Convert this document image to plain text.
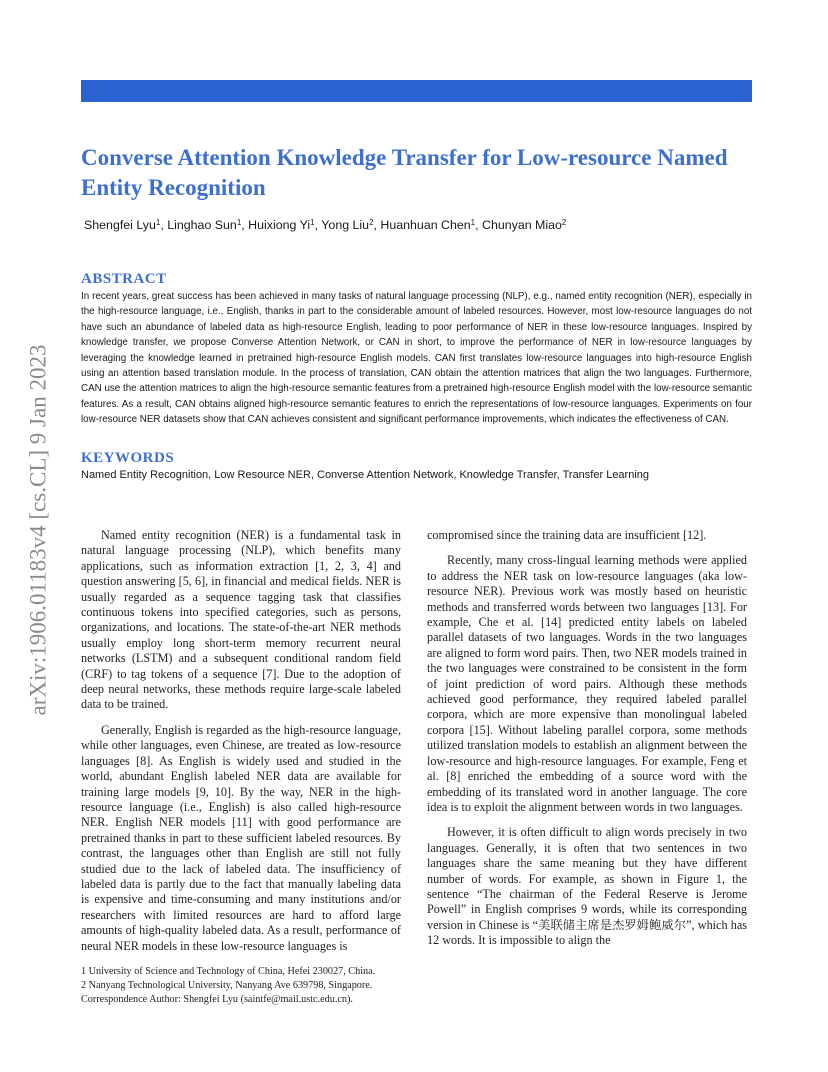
arXiv:1906.01183v4 [cs.CL] 9 Jan 2023
Converse Attention Knowledge Transfer for Low-resource Named Entity Recognition
Shengfei Lyu$^1$, Linghao Sun$^1$, Huixiong Yi$^1$, Yong Liu$^2$, Huanhuan Chen$^1$, Chunyan Miao$^2$
ABSTRACT
In recent years, great success has been achieved in many tasks of natural language processing (NLP), e.g., named entity recognition (NER), especially in the high-resource language, i.e., English, thanks in part to the considerable amount of labeled resources. However, most low-resource languages do not have such an abundance of labeled data as high-resource English, leading to poor performance of NER in these low-resource languages. Inspired by knowledge transfer, we propose Converse Attention Network, or CAN in short, to improve the performance of NER in low-resource languages by leveraging the knowledge learned in pretrained high-resource English models. CAN first translates low-resource languages into high-resource English using an attention based translation module. In the process of translation, CAN obtain the attention matrices that align the two languages. Furthermore, CAN use the attention matrices to align the high-resource semantic features from a pretrained high-resource English model with the low-resource semantic features. As a result, CAN obtains aligned high-resource semantic features to enrich the representations of low-resource languages. Experiments on four low-resource NER datasets show that CAN achieves consistent and significant performance improvements, which indicates the effectiveness of CAN.
KEYWORDS
Named Entity Recognition, Low Resource NER, Converse Attention Network, Knowledge Transfer, Transfer Learning

Named entity recognition (NER) is a fundamental task in natural language processing (NLP), which benefits many applications, such as information extraction [1, 2, 3, 4] and question answering [5, 6], in financial and medical fields. NER is usually regarded as a sequence tagging task that classifies continuous tokens into specified categories, such as persons, organizations, and locations. The state-of-the-art NER methods usually employ long short-term memory recurrent neural networks (LSTM) and a subsequent conditional random field (CRF) to tag tokens of a sequence [7]. Due to the adoption of deep neural networks, these methods require large-scale labeled data to be trained.

Generally, English is regarded as the high-resource language, while other languages, even Chinese, are treated as low-resource languages [8]. As English is widely used and studied in the world, abundant English labeled NER data are available for training large models [9, 10]. By the way, NER in the high-resource language (i.e., English) is also called high-resource NER. English NER models [11] with good performance are pretrained thanks in part to these sufficient labeled resources. By contrast, the languages other than English are still not fully studied due to the lack of labeled data. The insufficiency of labeled data is partly due to the fact that manually labeling data is expensive and time-consuming and many institutions and/or researchers with limited resources are hard to afford large amounts of high-quality labeled data. As a result, performance of neural NER models in these low-resource languages is

compromised since the training data are insufficient [12].

Recently, many cross-lingual learning methods were applied to address the NER task on low-resource languages (aka low-resource NER). Previous work was mostly based on heuristic methods and transferred words between two languages [13]. For example, Che et al. [14] predicted entity labels on labeled parallel datasets of two languages. Words in the two languages are aligned to form word pairs. Then, two NER models trained in the two languages were constrained to be consistent in the form of joint prediction of word pairs. Although these methods achieved good performance, they required labeled parallel corpora, which are more expensive than monolingual labeled corpora [15]. Without labeling parallel corpora, some methods utilized translation models to establish an alignment between the low-resource and high-resource languages. For example, Feng et al. [8] enriched the embedding of a source word with the embedding of its translated word in another language. The core idea is to exploit the alignment between words in two languages.

However, it is often difficult to align words precisely in two languages. Generally, it is often that two sentences in two languages share the same meaning but they have different number of words. For example, as shown in Figure 1, the sentence “The chairman of the Federal Reserve is Jerome Powell” in English comprises 9 words, while its corresponding version in Chinese is “美联储主席是杰罗姆鲍威尔”, which has 12 words. It is impossible to align the

1 University of Science and Technology of China, Hefei 230027, China.
2 Nanyang Technological University, Nanyang Ave 639798, Singapore.
Correspondence Author: Shengfei Lyu (saintfe@mail.ustc.edu.cn).
